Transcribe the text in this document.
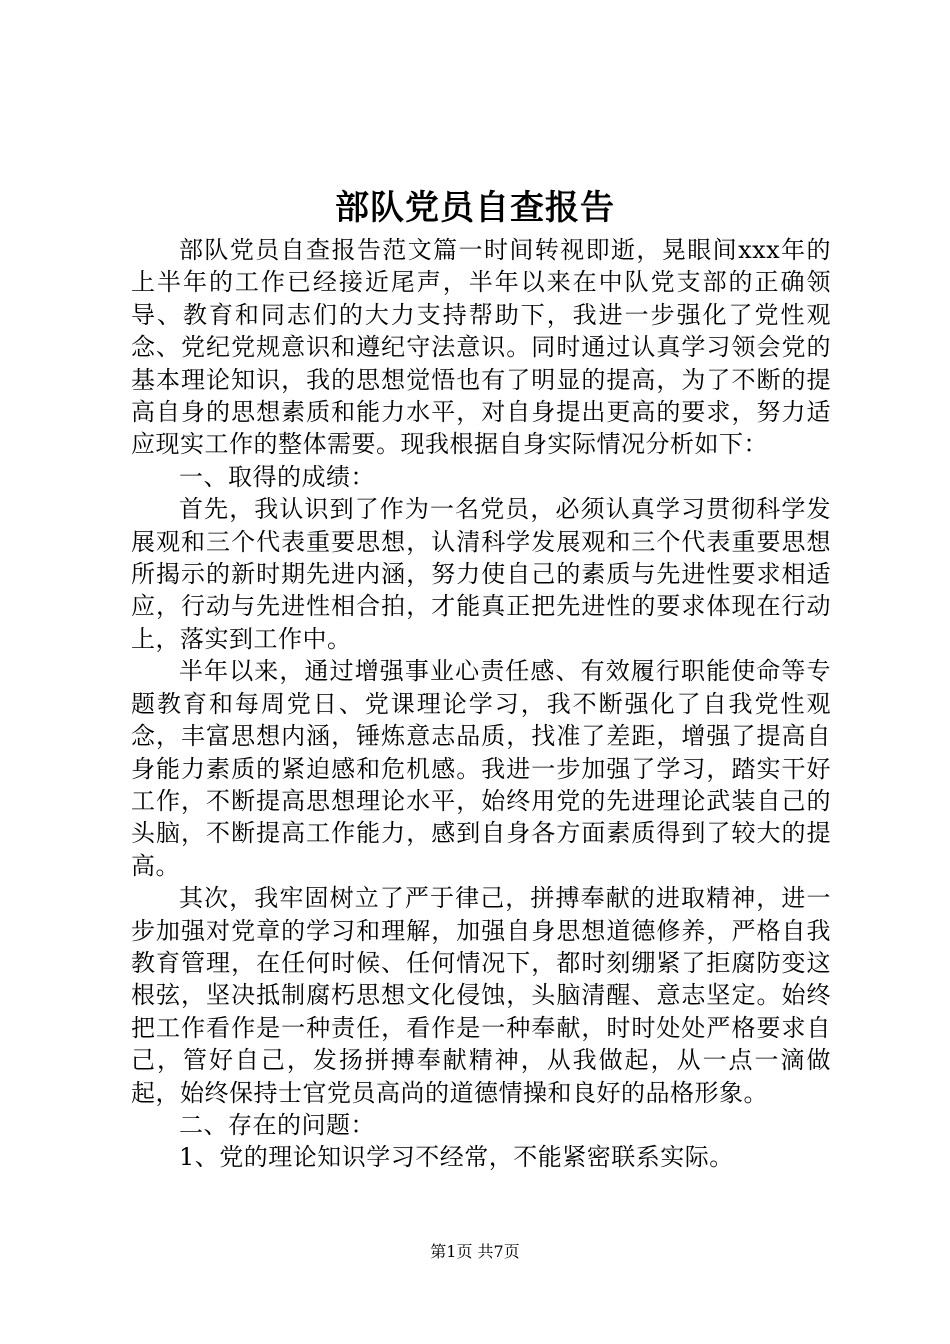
部队党员自查报告

部队党员自查报告范文篇一时间转视即逝，晃眼间xxx年的上半年的工作已经接近尾声，半年以来在中队党支部的正确领导、教育和同志们的大力支持帮助下，我进一步强化了党性观念、党纪党规意识和遵纪守法意识。同时通过认真学习领会党的基本理论知识，我的思想觉悟也有了明显的提高，为了不断的提高自身的思想素质和能力水平，对自身提出更高的要求，努力适应现实工作的整体需要。现我根据自身实际情况分析如下：

一、取得的成绩：

首先，我认识到了作为一名党员，必须认真学习贯彻科学发展观和三个代表重要思想，认清科学发展观和三个代表重要思想所揭示的新时期先进内涵，努力使自己的素质与先进性要求相适应，行动与先进性相合拍，才能真正把先进性的要求体现在行动上，落实到工作中。

半年以来，通过增强事业心责任感、有效履行职能使命等专题教育和每周党日、党课理论学习，我不断强化了自我党性观念，丰富思想内涵，锤炼意志品质，找准了差距，增强了提高自身能力素质的紧迫感和危机感。我进一步加强了学习，踏实干好工作，不断提高思想理论水平，始终用党的先进理论武装自己的头脑，不断提高工作能力，感到自身各方面素质得到了较大的提高。

其次，我牢固树立了严于律己，拼搏奉献的进取精神，进一步加强对党章的学习和理解，加强自身思想道德修养，严格自我教育管理，在任何时候、任何情况下，都时刻绷紧了拒腐防变这根弦，坚决抵制腐朽思想文化侵蚀，头脑清醒、意志坚定。始终把工作看作是一种责任，看作是一种奉献，时时处处严格要求自己，管好自己，发扬拼搏奉献精神，从我做起，从一点一滴做起，始终保持士官党员高尚的道德情操和良好的品格形象。

二、存在的问题：

1、党的理论知识学习不经常，不能紧密联系实际。

第1页 共7页
